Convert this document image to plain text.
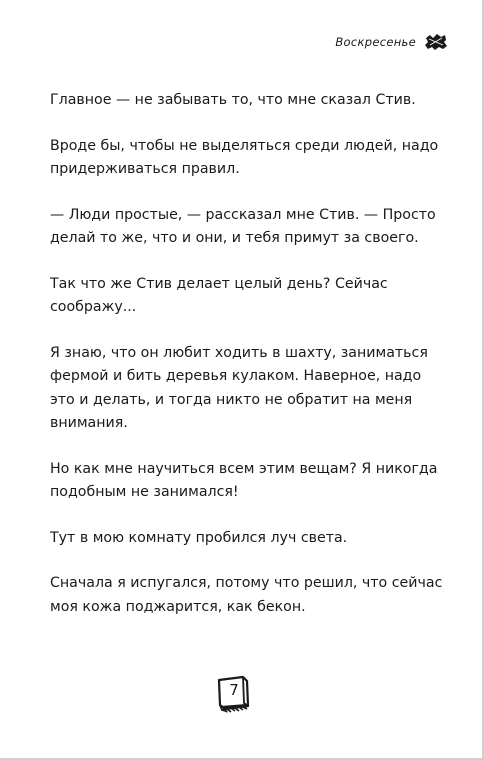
Воскресенье

Главное — не забывать то, что мне сказал Стив.

Вроде бы, чтобы не выделяться среди людей, надо
придерживаться правил.

— Люди простые, — рассказал мне Стив. — Просто
делай то же, что и они, и тебя примут за своего.

Так что же Стив делает целый день? Сейчас
соображу...

Я знаю, что он любит ходить в шахту, заниматься
фермой и бить деревья кулаком. Наверное, надо
это и делать, и тогда никто не обратит на меня
внимания.

Но как мне научиться всем этим вещам? Я никогда
подобным не занимался!

Тут в мою комнату пробился луч света.

Сначала я испугался, потому что решил, что сейчас
моя кожа поджарится, как бекон.

7
